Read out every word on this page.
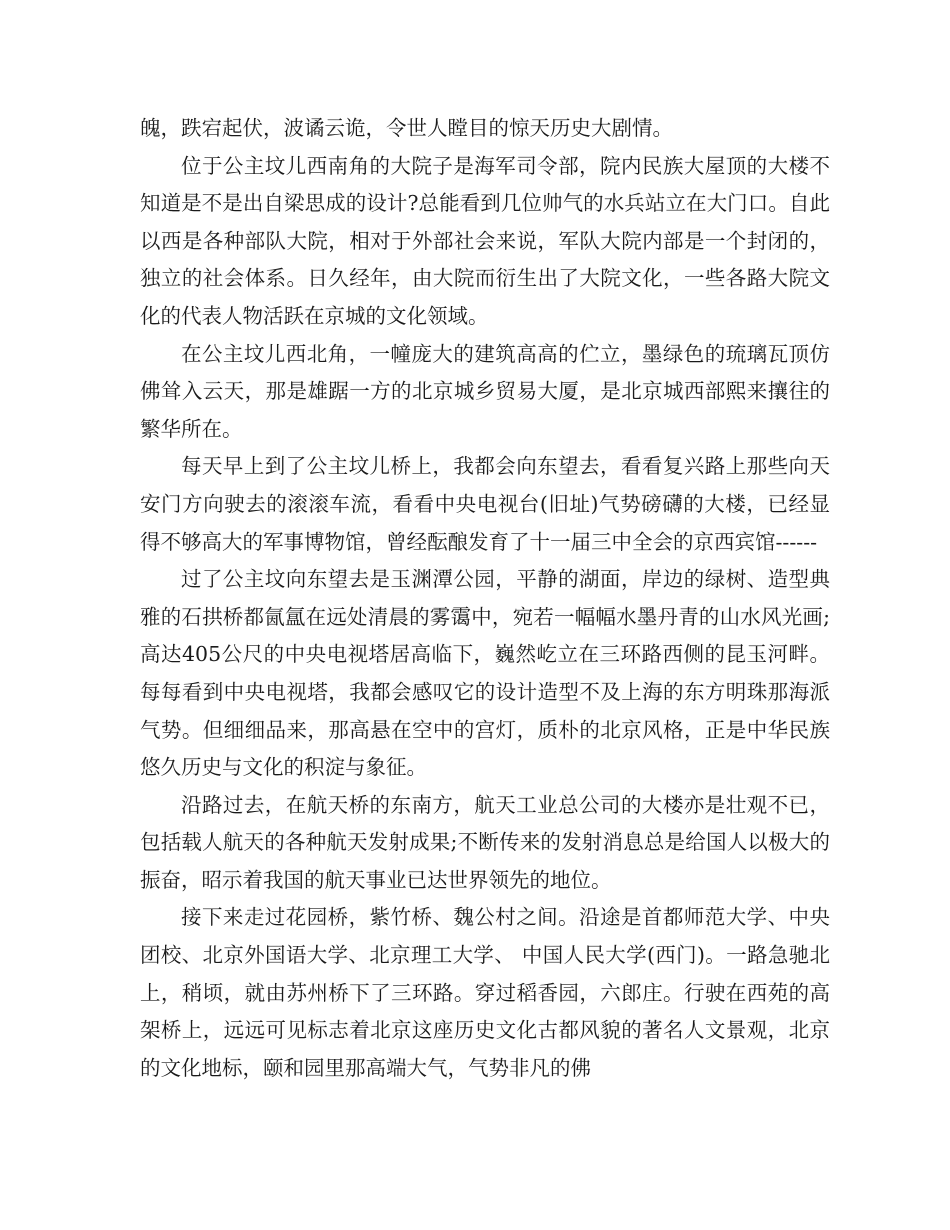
魄，跌宕起伏，波谲云诡，令世人瞠目的惊天历史大剧情。

位于公主坟儿西南角的大院子是海军司令部，院内民族大屋顶的大楼不知道是不是出自梁思成的设计?总能看到几位帅气的水兵站立在大门口。自此以西是各种部队大院，相对于外部社会来说，军队大院内部是一个封闭的，独立的社会体系。日久经年，由大院而衍生出了大院文化，一些各路大院文化的代表人物活跃在京城的文化领域。

在公主坟儿西北角，一幢庞大的建筑高高的伫立，墨绿色的琉璃瓦顶仿佛耸入云天，那是雄踞一方的北京城乡贸易大厦，是北京城西部熙来攘往的繁华所在。

每天早上到了公主坟儿桥上，我都会向东望去，看看复兴路上那些向天安门方向驶去的滚滚车流，看看中央电视台(旧址)气势磅礴的大楼，已经显得不够高大的军事博物馆，曾经酝酿发育了十一届三中全会的京西宾馆------

过了公主坟向东望去是玉渊潭公园，平静的湖面，岸边的绿树、造型典雅的石拱桥都氤氲在远处清晨的雾霭中，宛若一幅幅水墨丹青的山水风光画;高达405公尺的中央电视塔居高临下，巍然屹立在三环路西侧的昆玉河畔。每每看到中央电视塔，我都会感叹它的设计造型不及上海的东方明珠那海派气势。但细细品来，那高悬在空中的宫灯，质朴的北京风格，正是中华民族悠久历史与文化的积淀与象征。

沿路过去，在航天桥的东南方，航天工业总公司的大楼亦是壮观不已，包括载人航天的各种航天发射成果;不断传来的发射消息总是给国人以极大的振奋，昭示着我国的航天事业已达世界领先的地位。

接下来走过花园桥，紫竹桥、魏公村之间。沿途是首都师范大学、中央团校、北京外国语大学、北京理工大学、 中国人民大学(西门)。一路急驰北上，稍顷，就由苏州桥下了三环路。穿过稻香园，六郎庄。行驶在西苑的高架桥上，远远可见标志着北京这座历史文化古都风貌的著名人文景观，北京的文化地标，颐和园里那高端大气，气势非凡的佛
